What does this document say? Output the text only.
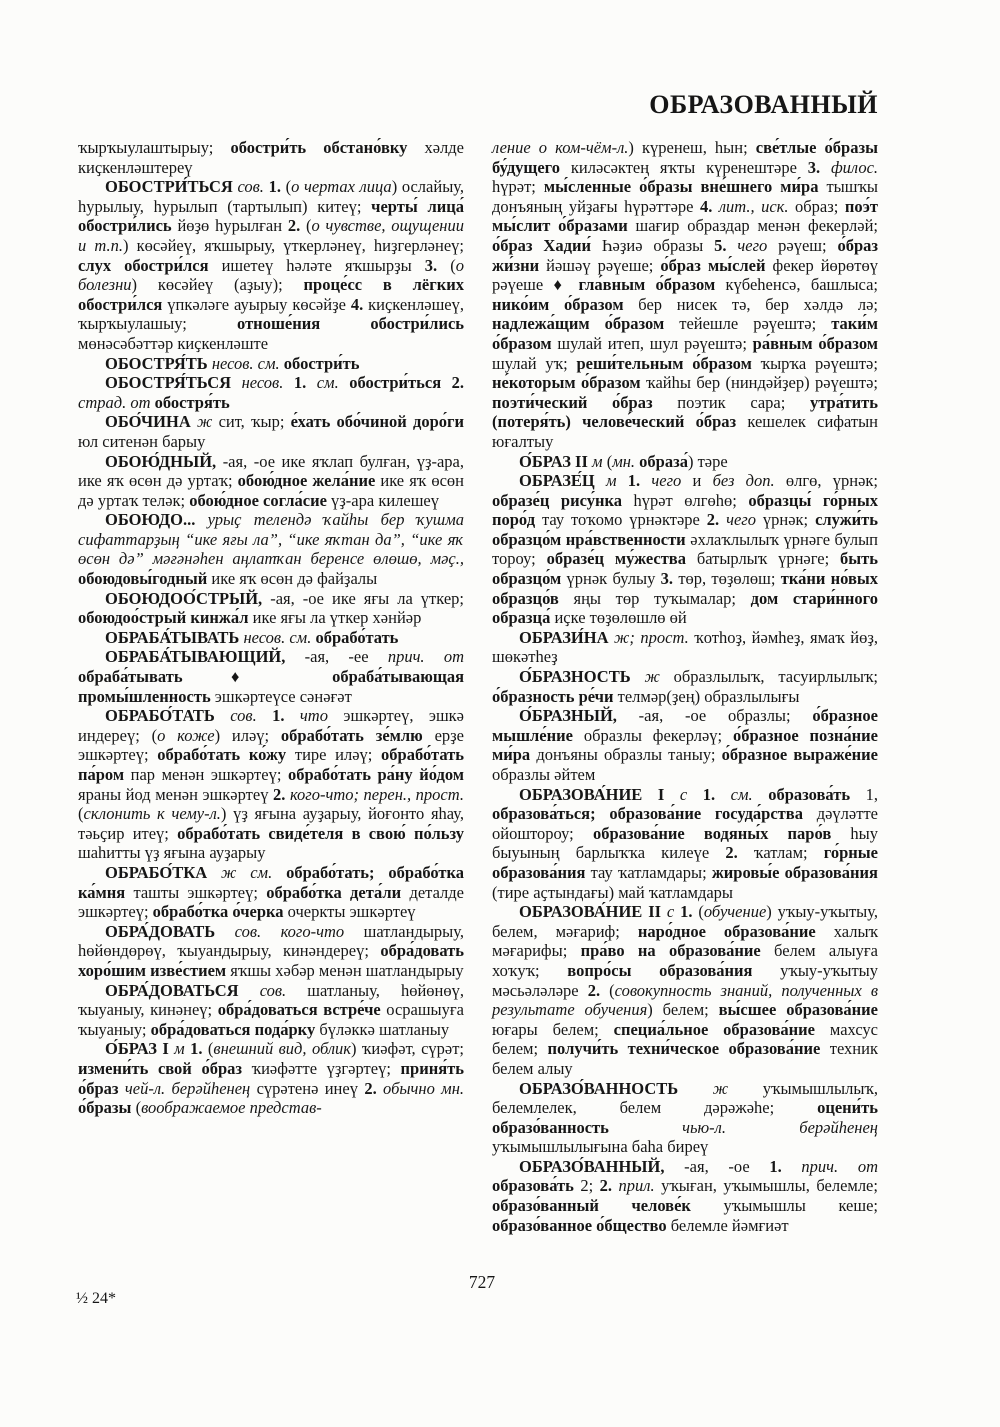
ОБРАЗОВАННЫЙ

ҡырҡыулаштырыу; обостри́ть обстано́вку хәлде киҫкенләштереү

ОБОСТРИ́ТЬСЯ сов. 1. (о чертах лица) ослайыу, һурылыу, һурылып (тартылып) китеү; черты́ лица́ обостри́лись йөҙө һурылған 2. (о чувстве, ощущении и т.п.) көсәйеү, яҡшырыу, үткерләнеү, һиҙгерләнеү; слух обостри́лся ишетеү һәләте яҡшырҙы 3. (о болезни) көсәйеү (аҙыу); проце́сс в лёгких обостри́лся үпкәләге ауырыу көсәйҙе 4. киҫкенләшеү, ҡырҡыулашыу; отноше́ния обостри́лись мөнәсәбәттәр киҫкенләште

ОБОСТРЯ́ТЬ несов. см. обостри́ть

ОБОСТРЯ́ТЬСЯ несов. 1. см. обостри́ться 2. страд. от обостря́ть

ОБО́ЧИНА ж сит, ҡыр; е́хать обо́чиной доро́ги юл ситенән барыу

ОБОЮ́ДНЫЙ, -ая, -ое ике яҡлап булған, үҙ-ара, ике яҡ өсөн дә уртаҡ; обою́дное жела́ние ике яҡ өсөн дә уртаҡ теләк; обою́дное согла́сие үҙ-ара килешеү

ОБОЮДО... урыҫ телендә ҡайһы бер ҡушма сифаттарҙың “ике яғы ла”, “ике яҡтан да”, “ике яҡ өсөн дә” мәғәнәһен аңлатҡан беренсе өлөшө, мәҫ., обоюдовы́годный ике яҡ өсөн дә файҙалы

ОБОЮДОО́СТРЫЙ, -ая, -ое ике яғы ла үткер; обоюдоо́стрый кинжа́л ике яғы ла үткер хәнйәр

ОБРАБА́ТЫВАТЬ несов. см. обрабо́тать

ОБРАБА́ТЫВАЮЩИЙ, -ая, -ее прич. от обраба́тывать ♦ обраба́тывающая промы́шленность эшкәртеүсе сәнәғәт

ОБРАБО́ТАТЬ сов. 1. что эшкәртеү, эшкә индереү; (о коже) иләү; обрабо́тать зе́млю ерҙе эшкәртеү; обрабо́тать ко́жу тире иләү; обрабо́тать па́ром пар менән эшкәртеү; обрабо́тать ра́ну йо́дом яраны йод менән эшкәртеү 2. кого-что; перен., прост. (склонить к чему-л.) үҙ яғына ауҙарыу, йоғонто яһау, тәьҫир итеү; обрабо́тать свиде́теля в свою́ по́льзу шаһитты үҙ яғына ауҙарыу

ОБРАБО́ТКА ж см. обрабо́тать; обрабо́тка ка́мня ташты эшкәртеү; обрабо́тка дета́ли деталде эшкәртеү; обрабо́тка о́черка очеркты эшкәртеү

ОБРА́ДОВАТЬ сов. кого-что шатландырыу, һөйөндөрөү, ҡыуандырыу, кинәндереү; обра́довать хоро́шим изве́стием яҡшы хәбәр менән шатландырыу

ОБРА́ДОВАТЬСЯ сов. шатланыу, һөйөнөү, ҡыуаныу, кинәнеү; обра́доваться встре́че осрашыуға ҡыуаныу; обра́доваться пода́рку бүләккә шатланыу

О́БРАЗ I м 1. (внешний вид, облик) ҡиәфәт, сүрәт; измени́ть свой о́браз ҡиәфәтте үҙгәртеү; приня́ть о́браз чей-л. берәйһенең сүрәтенә инеү 2. обычно мн. о́бразы (воображаемое представ-

ление о ком-чём-л.) күренеш, һын; све́тлые о́бразы бу́дущего киләсәктең яҡты күренештәре 3. филос. һүрәт; мы́сленные о́бразы вне́шнего ми́ра тышҡы донъяның уйҙағы һүрәттәре 4. лит., иск. образ; поэ́т мы́слит о́бразами шағир образдар менән фекерләй; о́браз Хадии́ Һәҙиә образы 5. чего рәүеш; о́браз жи́зни йәшәү рәүеше; о́браз мы́слей фекер йөрөтөү рәүеше ♦ гла́вным о́бразом күбеһенсә, башлыса; нико́им о́бразом бер нисек тә, бер хәлдә лә; надлежа́щим о́бразом тейешле рәүештә; таки́м о́бразом шулай итеп, шул рәүештә; ра́вным о́бразом шулай уҡ; реши́тельным о́бразом ҡырҡа рәүештә; не́которым о́бразом ҡайһы бер (ниндәйҙер) рәүештә; поэти́ческий о́браз поэтик сара; утра́тить (потеря́ть) челове́ческий о́браз кешелек сифатын юғалтыу

О́БРАЗ II м (мн. образа́) тәре

ОБРАЗЕ́Ц м 1. чего и без доп. өлгө, үрнәк; образе́ц рису́нка һүрәт өлгөһө; образцы́ го́рных поро́д тау тоҡомо үрнәктәре 2. чего үрнәк; служи́ть образцо́м нра́вственности әхлаҡлылыҡ үрнәге булып тороу; образе́ц му́жества батырлыҡ үрнәге; быть образцо́м үрнәк булыу 3. төр, төҙөлөш; тка́ни но́вых образцо́в яңы төр туҡымалар; дом стари́нного образца́ иҫке төҙөлөшлө өй

ОБРАЗИ́НА ж; прост. ҡотһоҙ, йәмһеҙ, ямаҡ йөҙ, шөкәтһеҙ

О́БРАЗНОСТЬ ж образлылыҡ, тасуирлылыҡ; о́бразность ре́чи телмәр(ҙең) образлылығы

О́БРАЗНЫЙ, -ая, -ое образлы; о́бразное мышле́ние образлы фекерләү; о́бразное позна́ние ми́ра донъяны образлы таныу; о́бразное выраже́ние образлы әйтем

ОБРАЗОВА́НИЕ I с 1. см. образова́ть 1, образова́ться; образова́ние госуда́рства дәүләтте ойоштороу; образова́ние водяны́х паро́в һыу быуының барлыҡҡа килеүе 2. ҡатлам; го́рные образова́ния тау ҡатламдары; жировы́е образова́ния (тире аҫтындағы) май ҡатламдары

ОБРАЗОВА́НИЕ II с 1. (обучение) уҡыу-уҡытыу, белем, мәғариф; наро́дное образова́ние халыҡ мәғарифы; пра́во на образова́ние белем алыуға хоҡуҡ; вопро́сы образова́ния уҡыу-уҡытыу мәсьәләләре 2. (совокупность знаний, полученных в результате обучения) белем; вы́сшее образова́ние юғары белем; специа́льное образова́ние махсус белем; получи́ть техни́ческое образова́ние техник белем алыу

ОБРАЗО́ВАННОСТЬ ж уҡымышлылыҡ, белемлелек, белем дәрәжәһе; оцени́ть образо́ванность чью-л. берәйһенең уҡымышлылығына баһа биреү

ОБРАЗО́ВАННЫЙ, -ая, -ое 1. прич. от образова́ть 2; 2. прил. уҡыған, уҡымышлы, белемле; образо́ванный челове́к уҡымышлы кеше; образо́ванное о́бщество белемле йәмғиәт

727
½ 24*
